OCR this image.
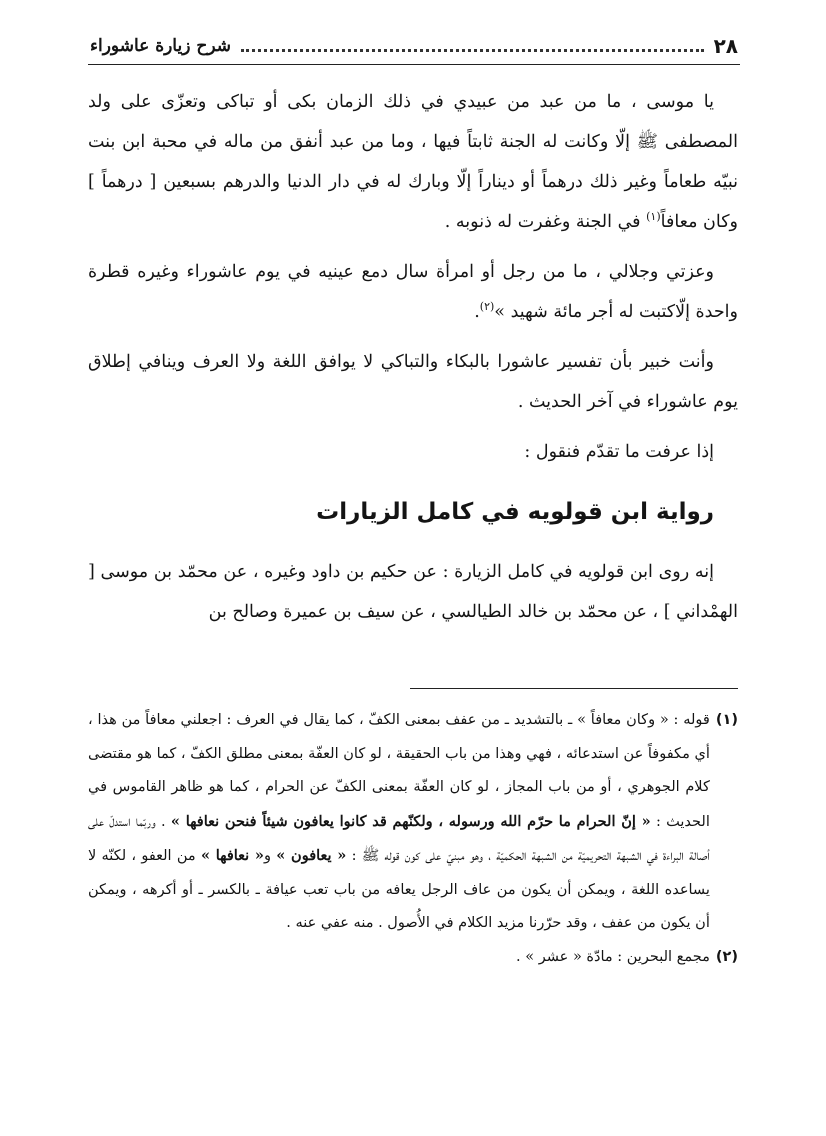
٢٨
شرح زيارة عاشوراء

يا موسى ، ما من عبد من عبيدي في ذلك الزمان بكى أو تباكى وتعزّى على ولد المصطفى ﷺ إلّا وكانت له الجنة ثابتاً فيها ، وما من عبد أنفق من ماله في محبة ابن بنت نبيّه طعاماً وغير ذلك درهماً أو ديناراً إلّا وبارك له في دار الدنيا والدرهم بسبعين [ درهماً ] وكان معافاً$^{(١)}$ في الجنة وغفرت له ذنوبه .

وعزتي وجلالي ، ما من رجل أو امرأة سال دمع عينيه في يوم عاشوراء وغيره قطرة واحدة إلّاكتبت له أجر مائة شهيد »$^{(٢)}$.

وأنت خبير بأن تفسير عاشورا بالبكاء والتباكي لا يوافق اللغة ولا العرف وينافي إطلاق يوم عاشوراء في آخر الحديث .

إذا عرفت ما تقدّم فنقول :

رواية ابن قولويه في كامل الزيارات

إنه روى ابن قولويه في كامل الزيارة : عن حكيم بن داود وغيره ، عن محمّد بن موسى [ الهمْداني ] ، عن محمّد بن خالد الطيالسي ، عن سيف بن عميرة وصالح بن

(١)
قوله : « وكان معافاً » ـ بالتشديد ـ من عفف بمعنى الكفّ ، كما يقال في العرف : اجعلني معافاً من هذا ، أي مكفوفاً عن استدعائه ، فهي وهذا من باب الحقيقة ، لو كان العفّة بمعنى مطلق الكفّ ، كما هو مقتضى كلام الجوهري ، أو من باب المجاز ، لو كان العفّة بمعنى الكفّ عن الحرام ، كما هو ظاهر القاموس في الحديث : « إنّ الحرام ما حرّم الله ورسوله ، ولكنّهم قد كانوا يعافون شيئاً فنحن نعافها » . وربّما استدلّ على أصالة البراءة في الشبهة التحريميّة من الشبهة الحكميّة ، وهو مبنيّ على كون قوله ﷺ : « يعافون » و« نعافها » من العفو ، لكنّه لا يساعده اللغة ، ويمكن أن يكون من عاف الرجل يعافه من باب تعب عيافة ـ بالكسر ـ أو أكرهه ، ويمكن أن يكون من عفف ، وقد حرّرنا مزيد الكلام في الأُصول . منه عفي عنه .
(٢)
مجمع البحرين : مادّة « عشر » .
